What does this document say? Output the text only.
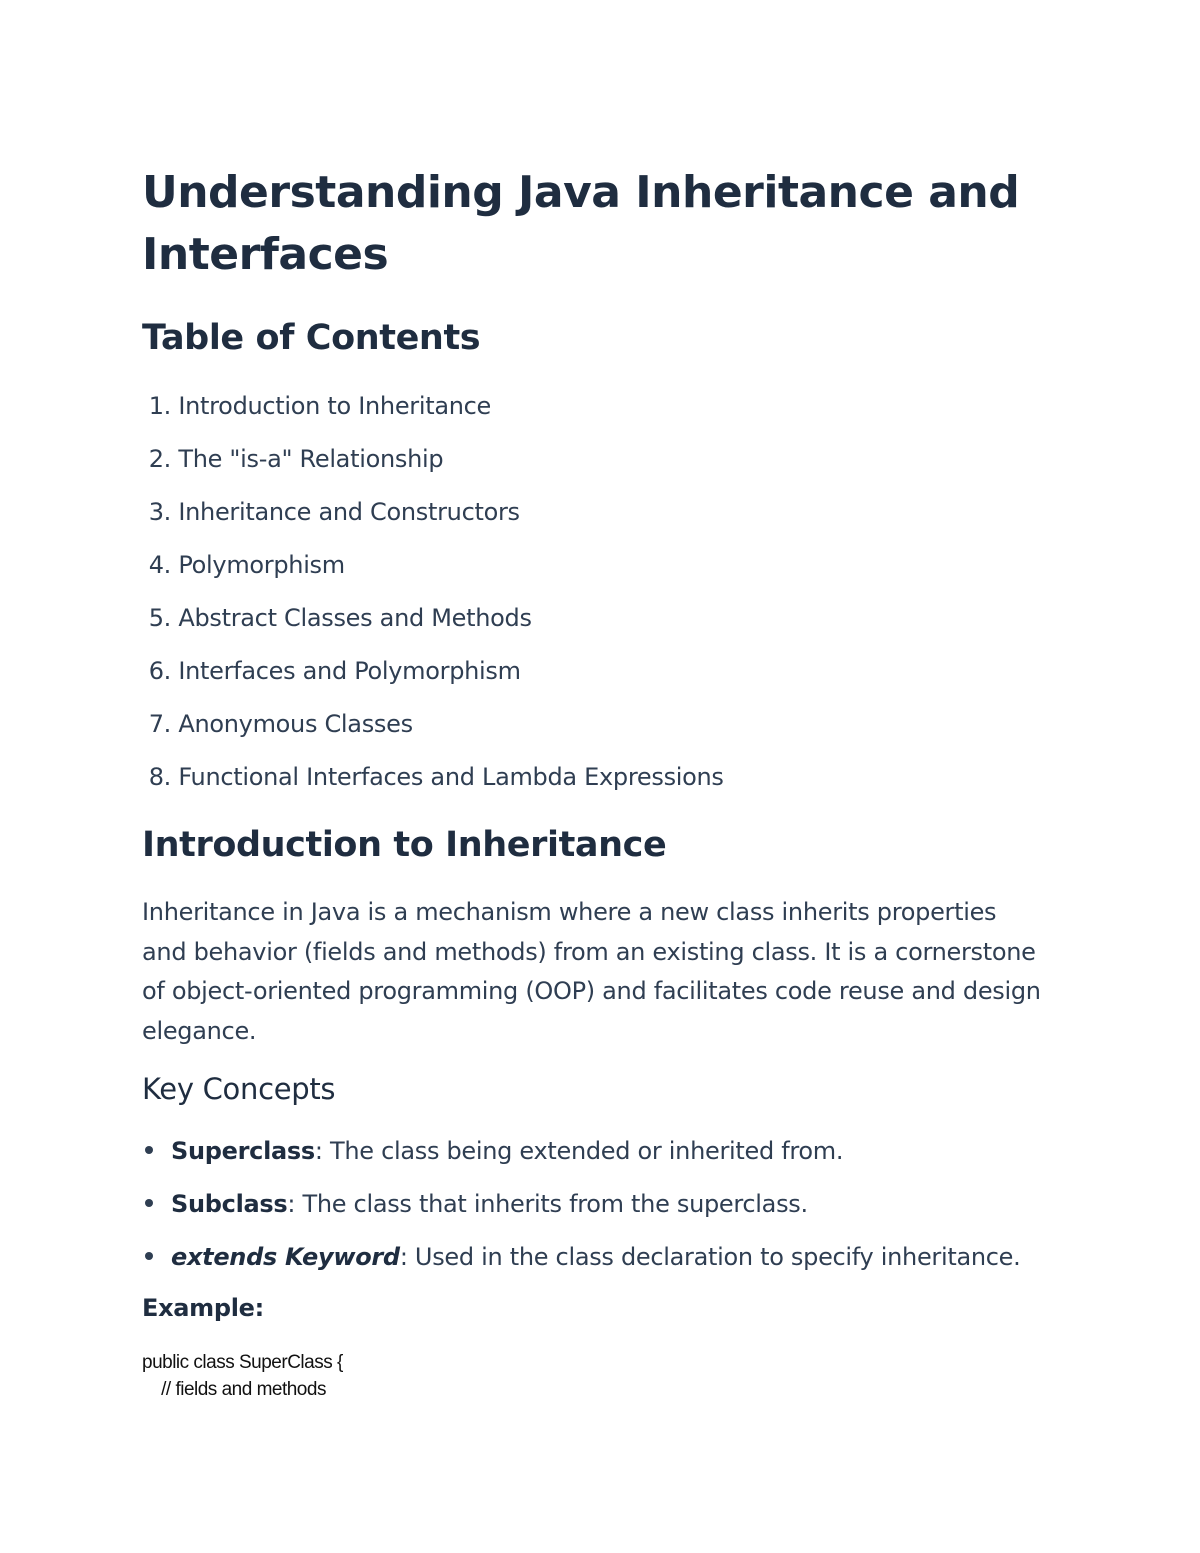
Understanding Java Inheritance and Interfaces
Table of Contents
1. Introduction to Inheritance
2. The "is-a" Relationship
3. Inheritance and Constructors
4. Polymorphism
5. Abstract Classes and Methods
6. Interfaces and Polymorphism
7. Anonymous Classes
8. Functional Interfaces and Lambda Expressions
Introduction to Inheritance

Inheritance in Java is a mechanism where a new class inherits properties and behavior (fields and methods) from an existing class. It is a cornerstone of object-oriented programming (OOP) and facilitates code reuse and design elegance.

Key Concepts
Superclass: The class being extended or inherited from.
Subclass: The class that inherits from the superclass.
extends Keyword: Used in the class declaration to specify inheritance.

Example:

public class SuperClass {
// fields and methods
